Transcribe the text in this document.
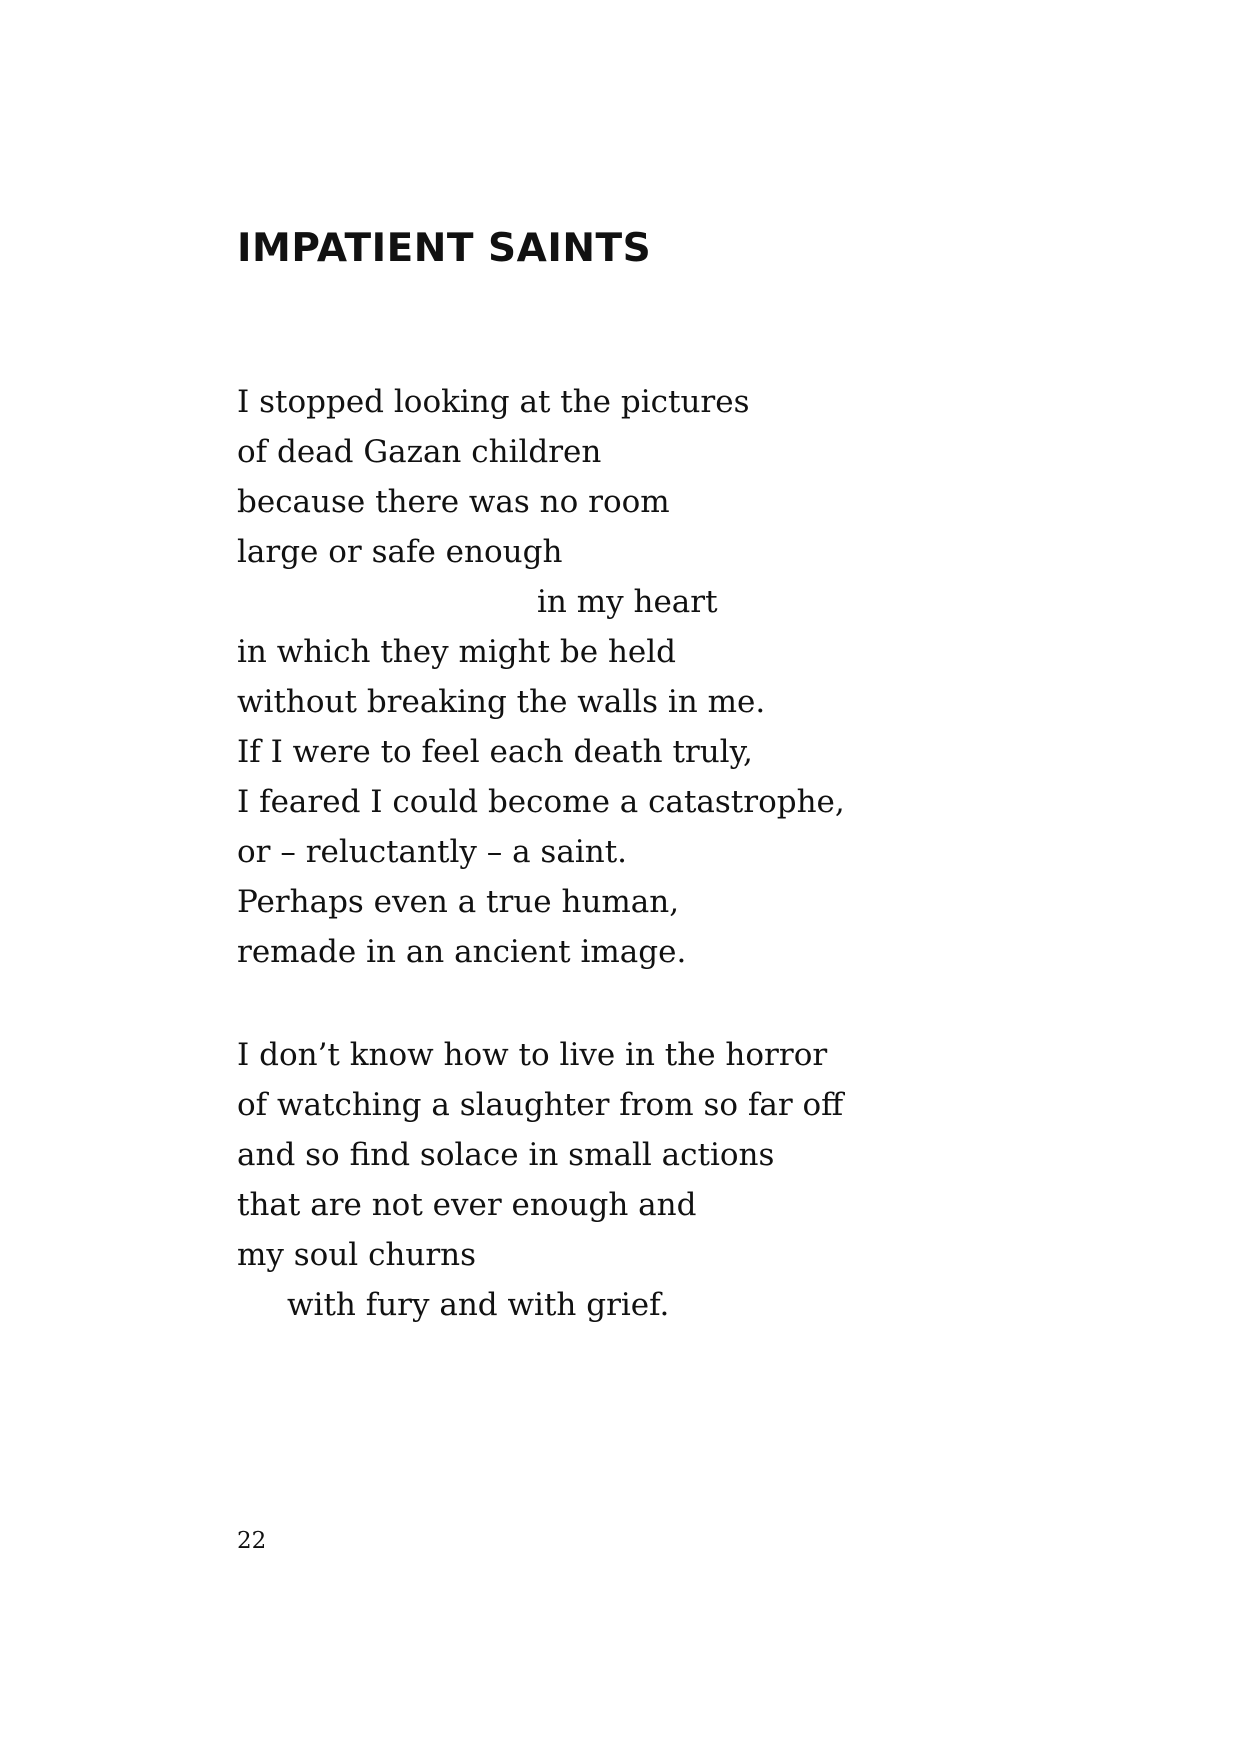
IMPATIENT SAINTS
I stopped looking at the pictures
of dead Gazan children
because there was no room
large or safe enough
in my heart
in which they might be held
without breaking the walls in me.
If I were to feel each death truly,
I feared I could become a catastrophe,
or – reluctantly – a saint.
Perhaps even a true human,
remade in an ancient image.
I don’t know how to live in the horror
of watching a slaughter from so far off
and so find solace in small actions
that are not ever enough and
my soul churns
with fury and with grief.

22
